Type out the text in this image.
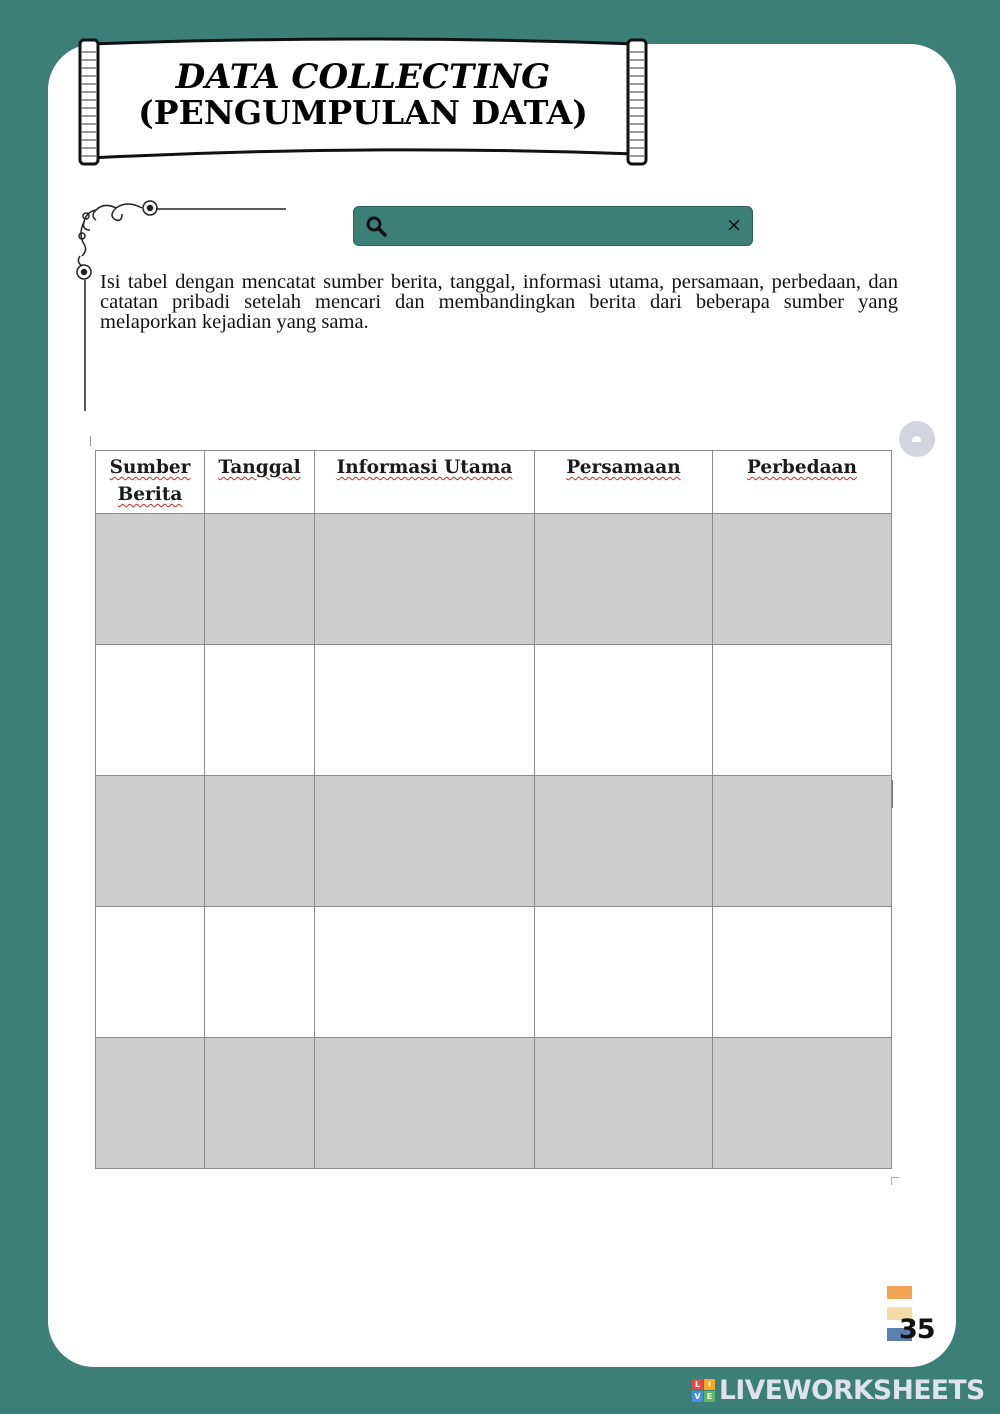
DATA COLLECTING
(PENGUMPULAN DATA)
×
Isi tabel dengan mencatat sumber berita, tanggal, informasi utama, persamaan, perbedaan, dan catatan pribadi setelah mencari dan membandingkan berita dari beberapa sumber yang melaporkan kejadian yang sama.
Sumber Berita	Tanggal	Informasi Utama	Persamaan	Perbedaan

35
L I
V E LIVEWORKSHEETS
